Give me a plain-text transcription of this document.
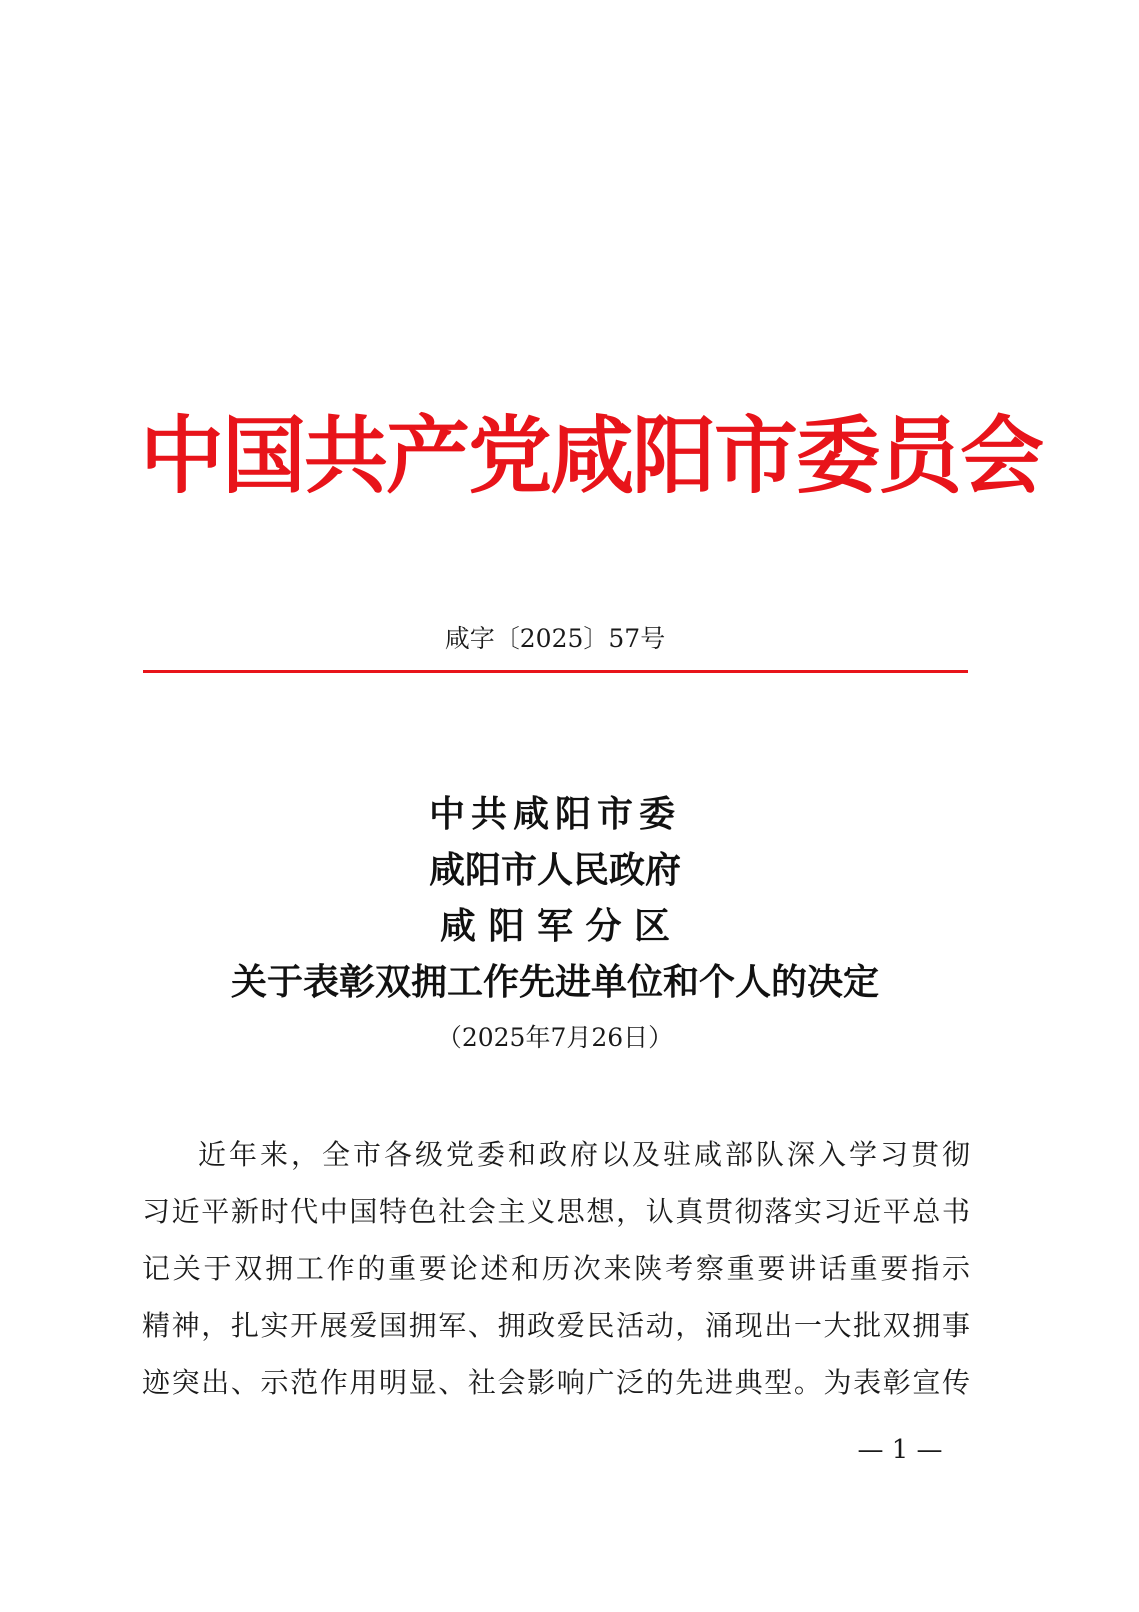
中国共产党咸阳市委员会
咸字〔2025〕57号
中共咸阳市委
咸阳市人民政府
咸 阳 军 分 区
关于表彰双拥工作先进单位和个人的决定
（2025年7月26日）
近年来，全市各级党委和政府以及驻咸部队深入学习贯彻
习近平新时代中国特色社会主义思想，认真贯彻落实习近平总书
记关于双拥工作的重要论述和历次来陕考察重要讲话重要指示
精神，扎实开展爱国拥军、拥政爱民活动，涌现出一大批双拥事
迹突出、示范作用明显、社会影响广泛的先进典型。为表彰宣传
— 1 —
